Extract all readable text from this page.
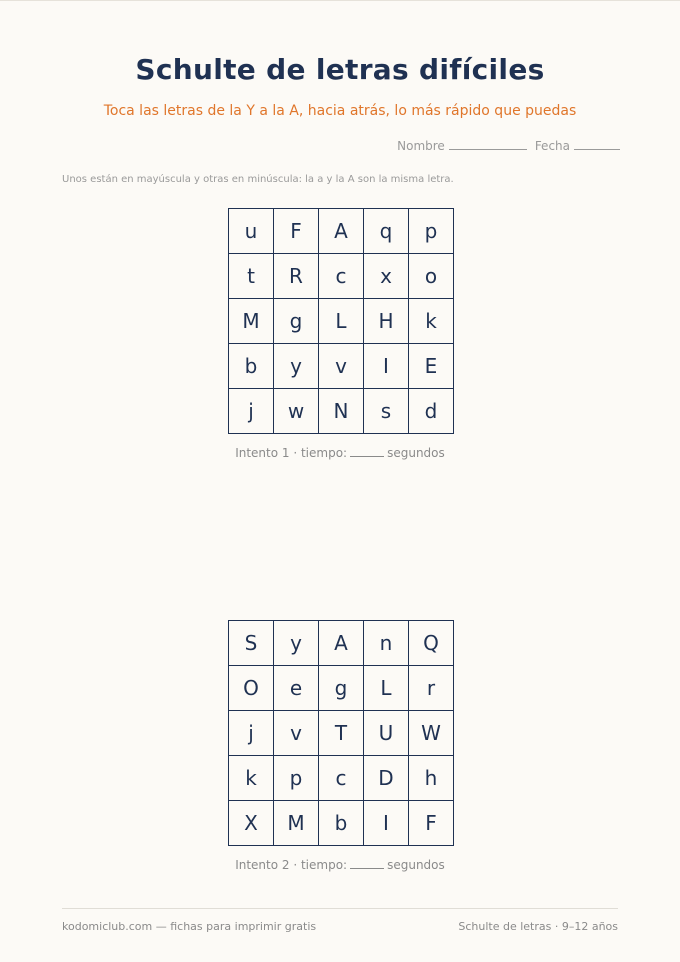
Schulte de letras difíciles
Toca las letras de la Y a la A, hacia atrás, lo más rápido que puedas
Nombre	Fecha
Unos están en mayúscula y otras en minúscula: la a y la A son la misma letra.
u	F	A	q	p
t	R	c	x	o
M	g	L	H	k
b	y	v	I	E
j	w	N	s	d
Intento 1 · tiempo:	segundos
S	y	A	n	Q
O	e	g	L	r
j	v	T	U	W
k	p	c	D	h
X	M	b	I	F
Intento 2 · tiempo:	segundos
kodomiclub.com — fichas para imprimir gratis	Schulte de letras · 9–12 años
